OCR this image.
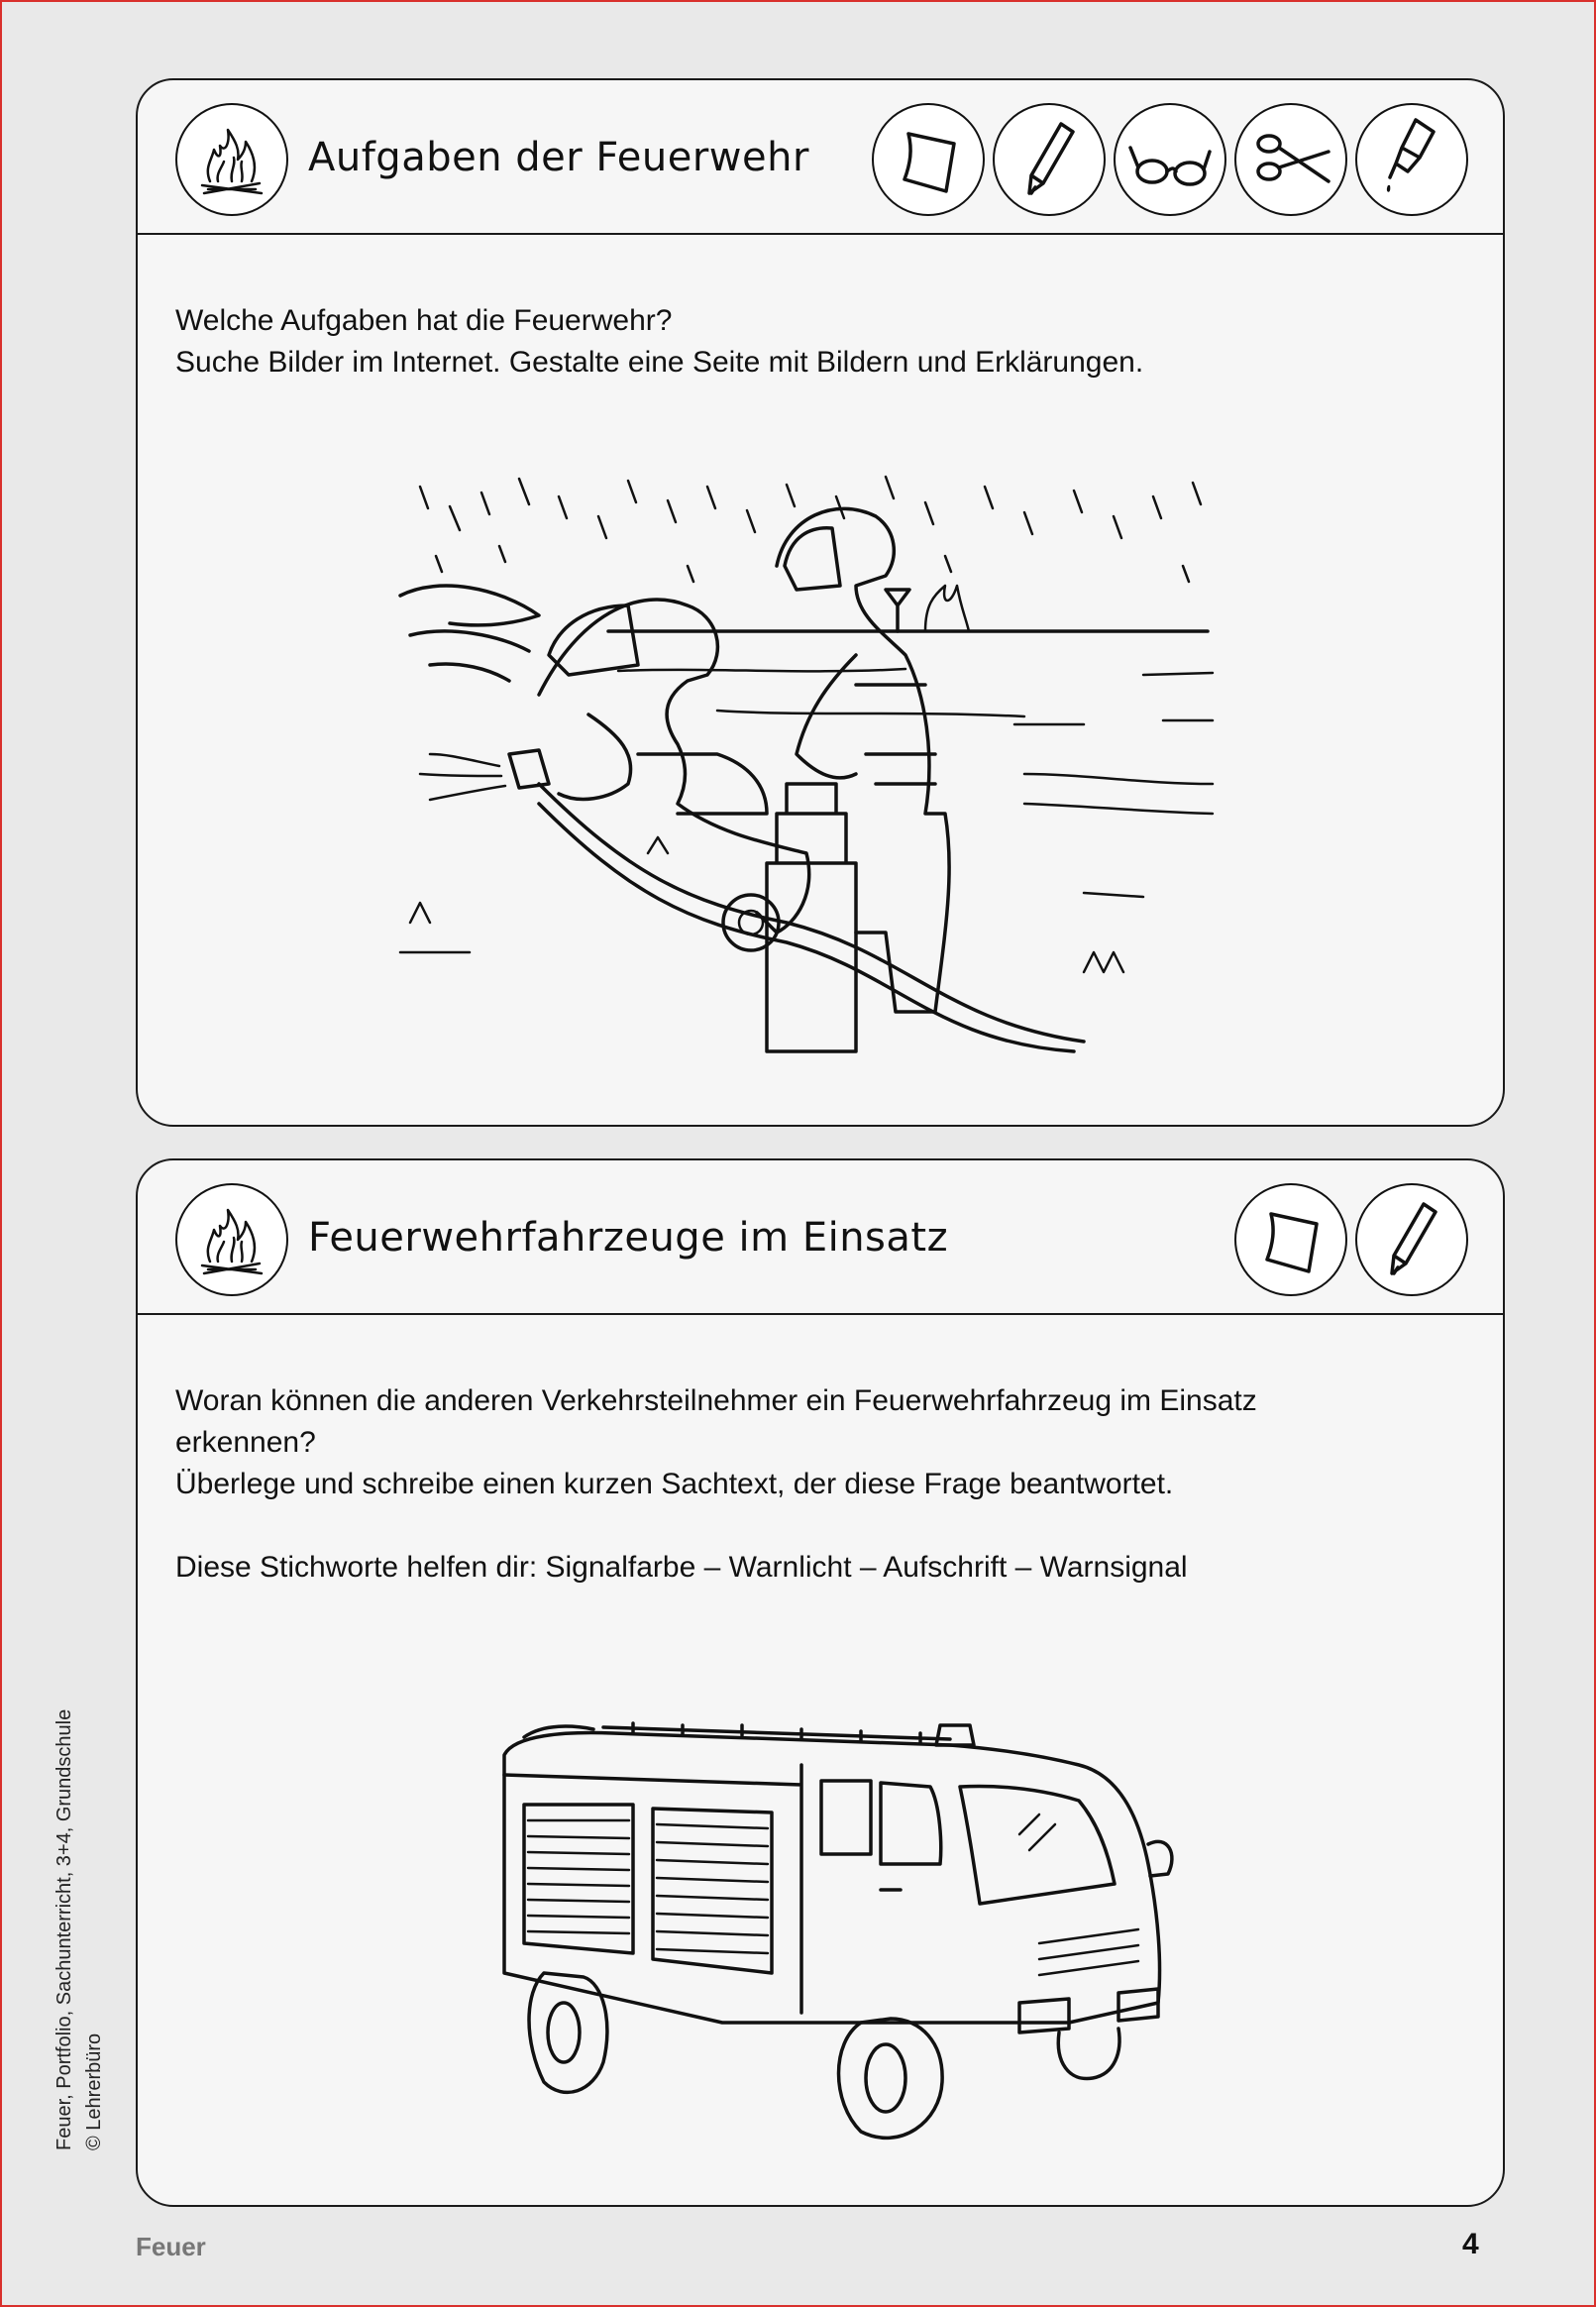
Aufgaben der Feuerwehr

Welche Aufgaben hat die Feuerwehr?

Suche Bilder im Internet. Gestalte eine Seite mit Bildern und Erklärungen.

Feuerwehrfahrzeuge im Einsatz

Woran können die anderen Verkehrsteilnehmer ein Feuerwehrfahrzeug im Einsatz

erkennen?

Überlege und schreibe einen kurzen Sachtext, der diese Frage beantwortet.

Diese Stichworte helfen dir: Signalfarbe – Warnlicht – Aufschrift – Warnsignal

Feuer, Portfolio, Sachunterricht, 3+4, Grundschule © Lehrerbüro
Feuer	4
